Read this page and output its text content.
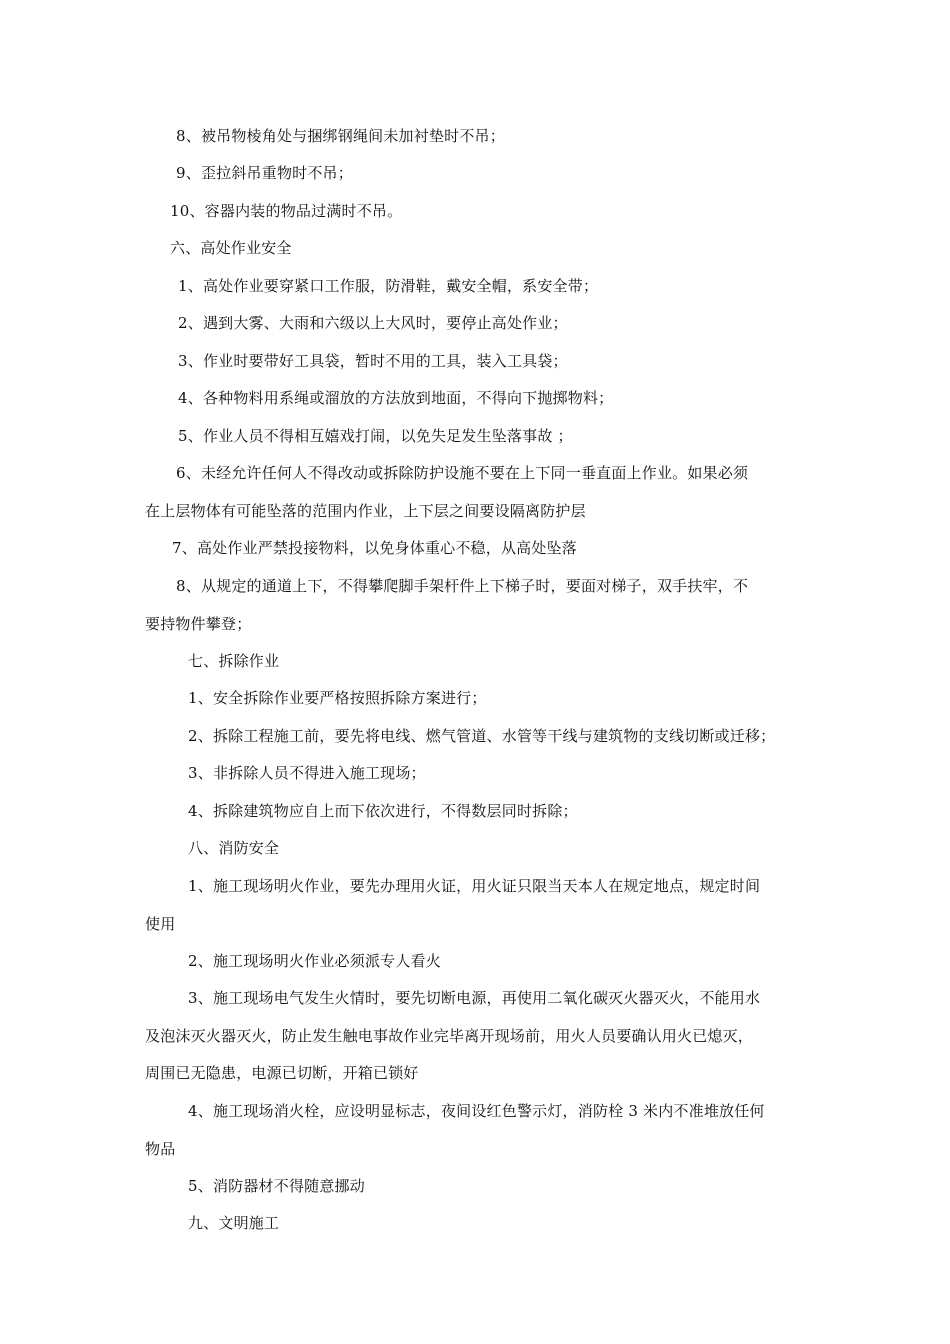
8、被吊物棱角处与捆绑钢绳间未加衬垫时不吊；

9、歪拉斜吊重物时不吊；

10、容器内装的物品过满时不吊。

六、高处作业安全

1、高处作业要穿紧口工作服，防滑鞋，戴安全帽，系安全带；

2、遇到大雾、大雨和六级以上大风时，要停止高处作业；

3、作业时要带好工具袋，暂时不用的工具，装入工具袋；

4、各种物料用系绳或溜放的方法放到地面，不得向下抛掷物料；

5、作业人员不得相互嬉戏打闹，以免失足发生坠落事故 ；

6、未经允许任何人不得改动或拆除防护设施不要在上下同一垂直面上作业。如果必须
在上层物体有可能坠落的范围内作业，上下层之间要设隔离防护层

7、高处作业严禁投接物料，以免身体重心不稳，从高处坠落

8、从规定的通道上下，不得攀爬脚手架杆件上下梯子时，要面对梯子，双手扶牢，不
要持物件攀登；

七、拆除作业

1、安全拆除作业要严格按照拆除方案进行；

2、拆除工程施工前，要先将电线、燃气管道、水管等干线与建筑物的支线切断或迁移；

3、非拆除人员不得进入施工现场；

4、拆除建筑物应自上而下依次进行，不得数层同时拆除；

八、消防安全

1、施工现场明火作业，要先办理用火证，用火证只限当天本人在规定地点，规定时间
使用

2、施工现场明火作业必须派专人看火

3、施工现场电气发生火情时，要先切断电源，再使用二氧化碳灭火器灭火，不能用水
及泡沫灭火器灭火，防止发生触电事故作业完毕离开现场前，用火人员要确认用火已熄灭，
周围已无隐患，电源已切断，开箱已锁好

4、施工现场消火栓，应设明显标志，夜间设红色警示灯，消防栓 3 米内不准堆放任何
物品

5、消防器材不得随意挪动

九、文明施工
